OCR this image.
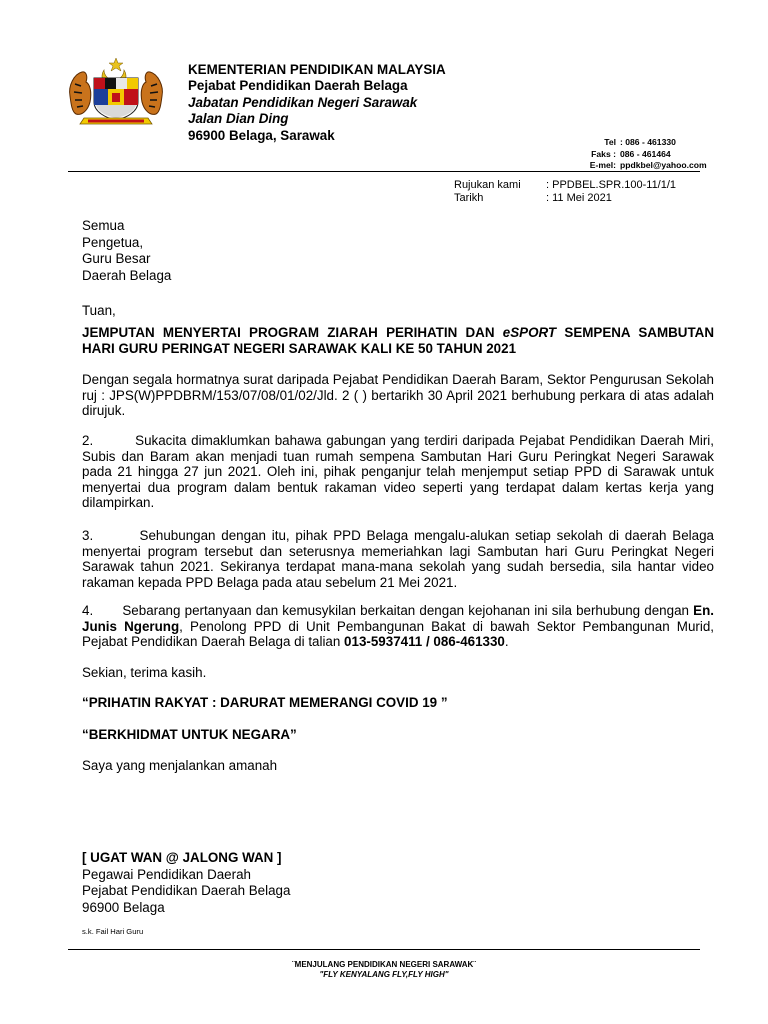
KEMENTERIAN PENDIDIKAN MALAYSIA
Pejabat Pendidikan Daerah Belaga
Jabatan Pendidikan Negeri Sarawak
Jalan Dian Ding
96900 Belaga, Sarawak	Tel : 086 - 461330
Faks : 086 - 461464
E-mel: ppdkbel@yahoo.com
Rujukan kami	: PPDBEL.SPR.100-11/1/1
Tarikh	: 11 Mei 2021
Semua
Pengetua,
Guru Besar
Daerah Belaga
Tuan,
JEMPUTAN MENYERTAI PROGRAM ZIARAH PERIHATIN DAN eSPORT SEMPENA SAMBUTAN HARI GURU PERINGAT NEGERI SARAWAK KALI KE 50 TAHUN 2021
Dengan segala hormatnya surat daripada Pejabat Pendidikan Daerah Baram, Sektor Pengurusan Sekolah ruj : JPS(W)PPDBRM/153/07/08/01/02/Jld. 2 ( ) bertarikh 30 April 2021 berhubung perkara di atas adalah dirujuk.
2.	Sukacita dimaklumkan bahawa gabungan yang terdiri daripada Pejabat Pendidikan Daerah Miri, Subis dan Baram akan menjadi tuan rumah sempena Sambutan Hari Guru Peringkat Negeri Sarawak pada 21 hingga 27 jun 2021. Oleh ini, pihak penganjur telah menjemput setiap PPD di Sarawak untuk menyertai dua program dalam bentuk rakaman video seperti yang terdapat dalam kertas kerja yang dilampirkan.
3.	Sehubungan dengan itu, pihak PPD Belaga mengalu-alukan setiap sekolah di daerah Belaga menyertai program tersebut dan seterusnya memeriahkan lagi Sambutan hari Guru Peringkat Negeri Sarawak tahun 2021. Sekiranya terdapat mana-mana sekolah yang sudah bersedia, sila hantar video rakaman kepada PPD Belaga pada atau sebelum 21 Mei 2021.
4. Sebarang pertanyaan dan kemusykilan berkaitan dengan kejohanan ini sila berhubung dengan En. Junis Ngerung, Penolong PPD di Unit Pembangunan Bakat di bawah Sektor Pembangunan Murid, Pejabat Pendidikan Daerah Belaga di talian 013-5937411 / 086-461330.
Sekian, terima kasih.
“PRIHATIN RAKYAT : DARURAT MEMERANGI COVID 19 ”
“BERKHIDMAT UNTUK NEGARA”
Saya yang menjalankan amanah
[ UGAT WAN @ JALONG WAN ]
Pegawai Pendidikan Daerah
Pejabat Pendidikan Daerah Belaga
96900 Belaga
s.k. Fail Hari Guru
¨MENJULANG PENDIDIKAN NEGERI SARAWAK¨
"FLY KENYALANG FLY,FLY HIGH"
